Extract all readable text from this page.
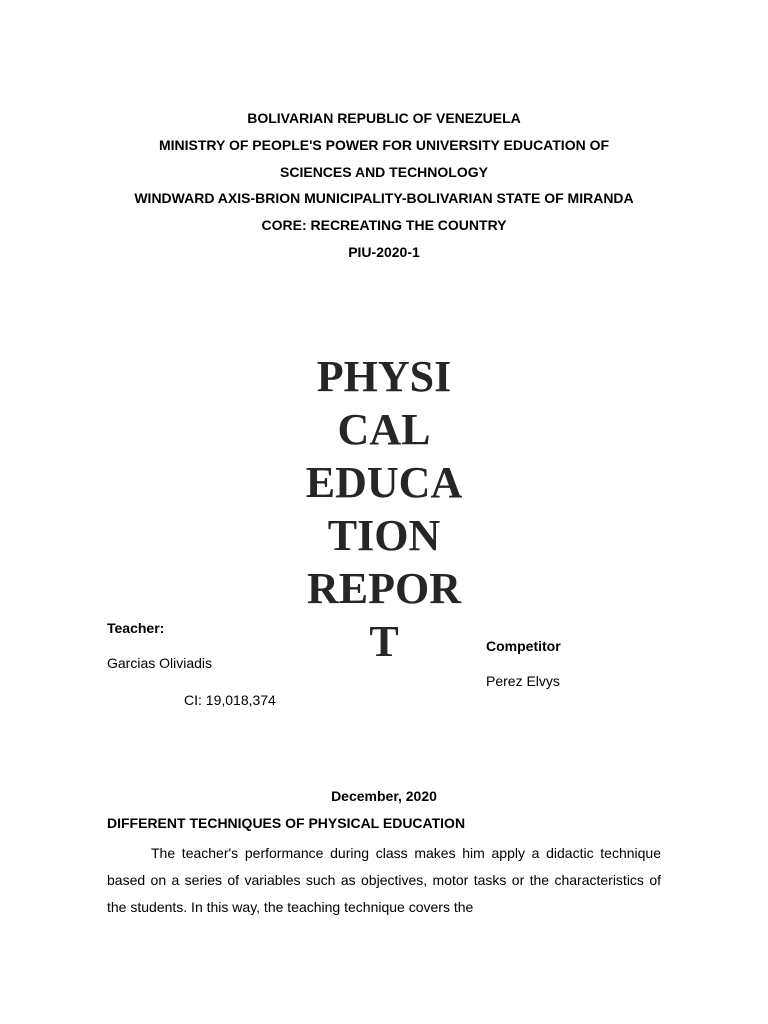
BOLIVARIAN REPUBLIC OF VENEZUELA
MINISTRY OF PEOPLE'S POWER FOR UNIVERSITY EDUCATION OF
SCIENCES AND TECHNOLOGY
WINDWARD AXIS-BRION MUNICIPALITY-BOLIVARIAN STATE OF MIRANDA
CORE: RECREATING THE COUNTRY
PIU-2020-1
PHYSI
CAL
EDUCA
TION
REPOR
T
Teacher:
Garcias Oliviadis
CI: 19,018,374
Competitor
Perez Elvys
December, 2020
DIFFERENT TECHNIQUES OF PHYSICAL EDUCATION
The teacher's performance during class makes him apply a didactic technique based on a series of variables such as objectives, motor tasks or the characteristics of the students. In this way, the teaching technique covers the
